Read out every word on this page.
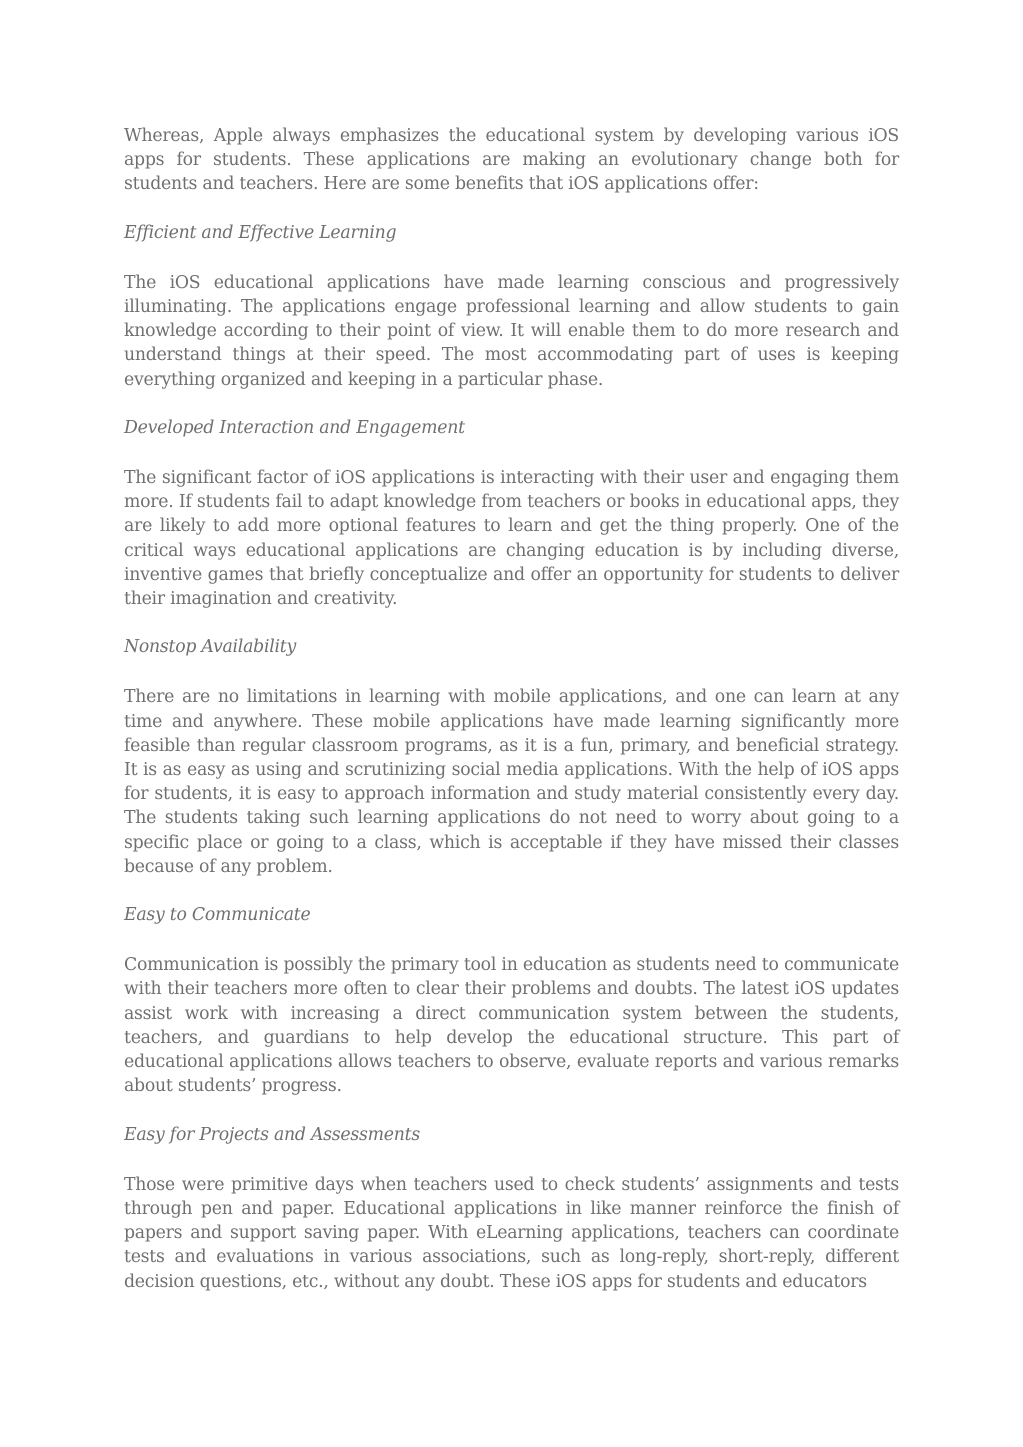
Whereas, Apple always emphasizes the educational system by developing various iOS apps for students. These applications are making an evolutionary change both for students and teachers. Here are some benefits that iOS applications offer:

Efficient and Effective Learning

The iOS educational applications have made learning conscious and progressively illuminating. The applications engage professional learning and allow students to gain knowledge according to their point of view. It will enable them to do more research and understand things at their speed. The most accommodating part of uses is keeping everything organized and keeping in a particular phase.

Developed Interaction and Engagement

The significant factor of iOS applications is interacting with their user and engaging them more. If students fail to adapt knowledge from teachers or books in educational apps, they are likely to add more optional features to learn and get the thing properly. One of the critical ways educational applications are changing education is by including diverse, inventive games that briefly conceptualize and offer an opportunity for students to deliver their imagination and creativity.

Nonstop Availability

There are no limitations in learning with mobile applications, and one can learn at any time and anywhere. These mobile applications have made learning significantly more feasible than regular classroom programs, as it is a fun, primary, and beneficial strategy. It is as easy as using and scrutinizing social media applications. With the help of iOS apps for students, it is easy to approach information and study material consistently every day. The students taking such learning applications do not need to worry about going to a specific place or going to a class, which is acceptable if they have missed their classes because of any problem.

Easy to Communicate

Communication is possibly the primary tool in education as students need to communicate with their teachers more often to clear their problems and doubts. The latest iOS updates assist work with increasing a direct communication system between the students, teachers, and guardians to help develop the educational structure. This part of educational applications allows teachers to observe, evaluate reports and various remarks about students’ progress.

Easy for Projects and Assessments

Those were primitive days when teachers used to check students’ assignments and tests through pen and paper. Educational applications in like manner reinforce the finish of papers and support saving paper. With eLearning applications, teachers can coordinate tests and evaluations in various associations, such as long-reply, short-reply, different decision questions, etc., without any doubt. These iOS apps for students and educators
